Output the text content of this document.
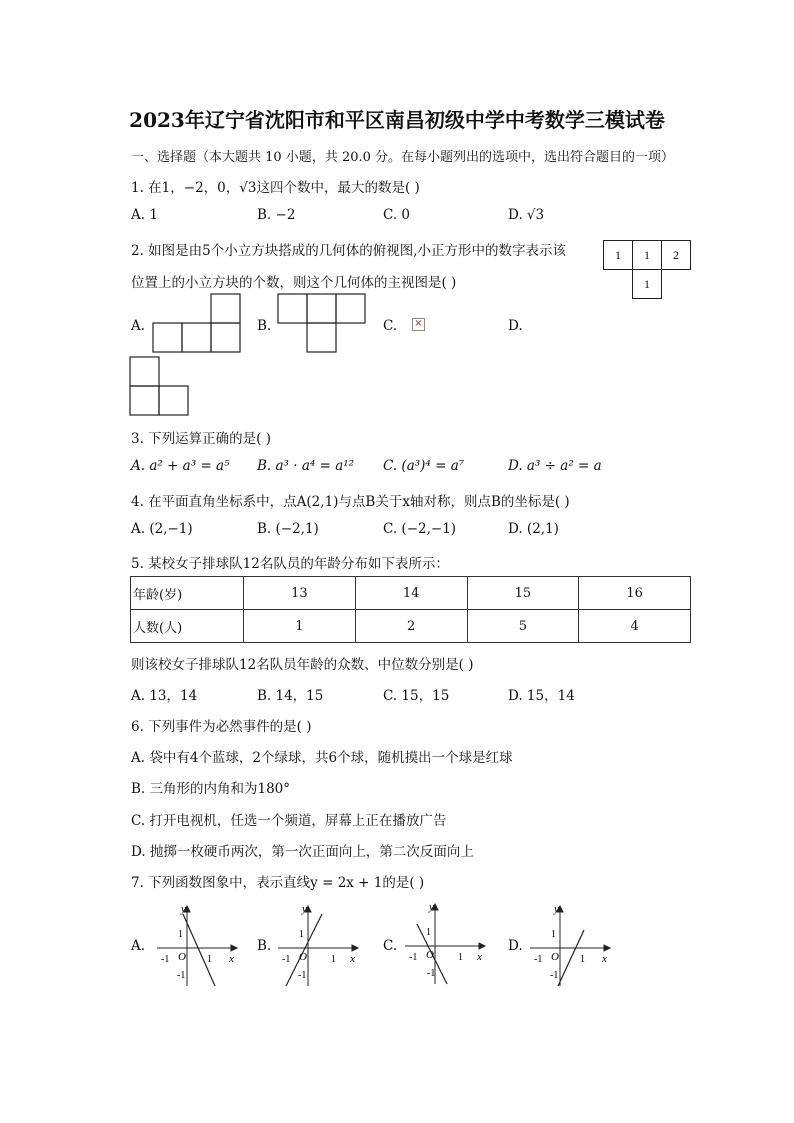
2023年辽宁省沈阳市和平区南昌初级中学中考数学三模试卷
一、选择题（本大题共 10 小题，共 20.0 分。在每小题列出的选项中，选出符合题目的一项）
1. 在1，−2，0，√3这四个数中，最大的数是( )
A. 1	B. −2	C. 0	D. √3
2. 如图是由5个小立方块搭成的几何体的俯视图,小正方形中的数字表示该
位置上的小立方块的个数，则这个几何体的主视图是( )
1	1	2
	1	
A.	B.	C. ×	D.
3. 下列运算正确的是( )
A. a² + a³ = a⁵ B. a³ · a⁴ = a¹² C. (a³)⁴ = a⁷	D. a³ ÷ a² = a
4. 在平面直角坐标系中，点A(2,1)与点B关于x轴对称，则点B的坐标是( )
A. (2,−1)	B. (−2,1)	C. (−2,−1)	D. (2,1)
5. 某校女子排球队12名队员的年龄分布如下表所示：
年龄(岁)	13	14	15	16
人数(人)	1	2	5	4
则该校女子排球队12名队员年龄的众数、中位数分别是( )
A. 13，14	B. 14，15	C. 15，15	D. 15，14
6. 下列事件为必然事件的是( )
A. 袋中有4个蓝球，2个绿球，共6个球，随机摸出一个球是红球
B. 三角形的内角和为180°
C. 打开电视机，任选一个频道，屏幕上正在播放广告
D. 抛掷一枚硬币两次，第一次正面向上，第二次反面向上
7. 下列函数图象中，表示直线y = 2x + 1的是( )
A.
y
x
O
1
1
-1
-1
B.
y
x
O
1
1
-1
-1
C.
y
x
O
1
1
-1
-1
D.
y
x
O
1
1
-1
-1
